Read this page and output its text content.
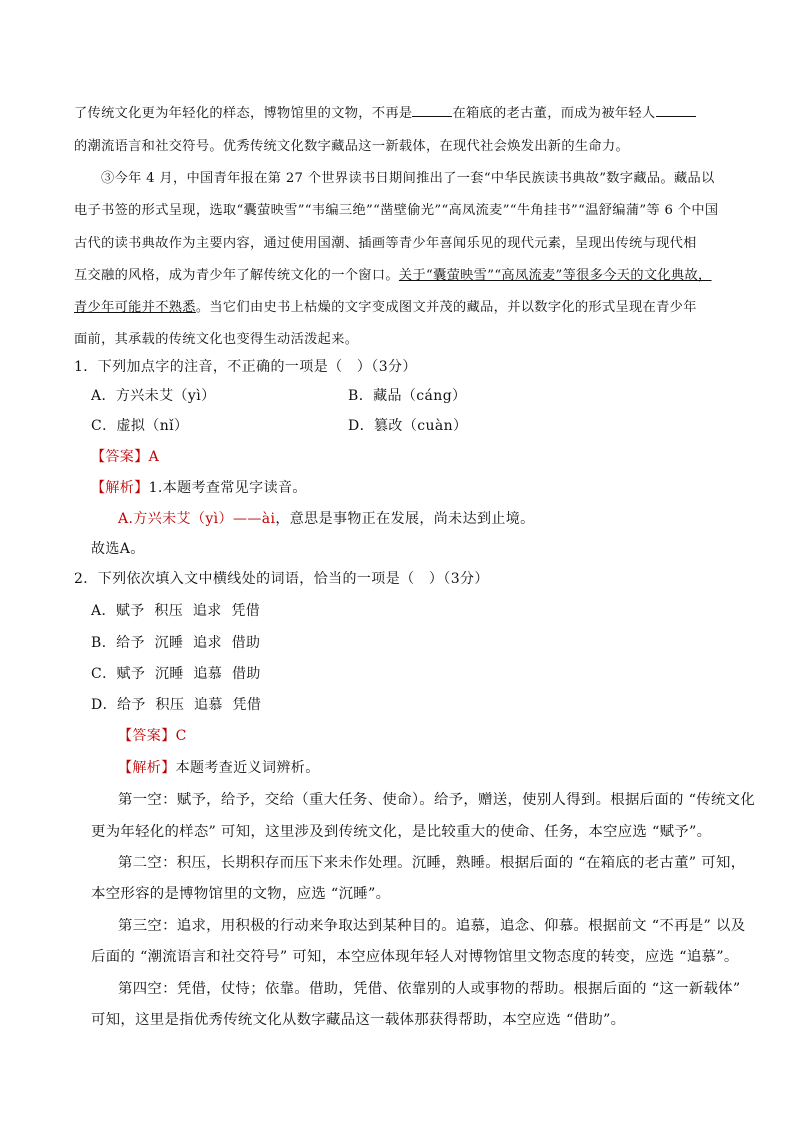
了传统文化更为年轻化的样态，博物馆里的文物，不再是	在箱底的老古董，而成为被年轻人
的潮流语言和社交符号。优秀传统文化数字藏品这一新载体，在现代社会焕发出新的生命力。
③今年 4 月，中国青年报在第 27 个世界读书日期间推出了一套“中华民族读书典故”数字藏品。藏品以
电子书签的形式呈现，选取“囊萤映雪”“韦编三绝”“凿壁偷光”“高凤流麦”“牛角挂书”“温舒编蒲”等 6 个中国
古代的读书典故作为主要内容，通过使用国潮、插画等青少年喜闻乐见的现代元素，呈现出传统与现代相
互交融的风格，成为青少年了解传统文化的一个窗口。关于“囊萤映雪”“高凤流麦”等很多今天的文化典故，
青少年可能并不熟悉。当它们由史书上枯燥的文字变成图文并茂的藏品，并以数字化的形式呈现在青少年
面前，其承载的传统文化也变得生动活泼起来。
1．下列加点字的注音，不正确的一项是（　）（3分）
A．方兴未艾（yì）	B．藏品（cáng）
C．虚拟（nǐ）	D．篡改（cuàn）
【答案】A
【解析】1.本题考查常见字读音。
A.方兴未艾（yì）——ài，意思是事物正在发展，尚未达到止境。
故选A。
2．下列依次填入文中横线处的词语，恰当的一项是（　）（3分）
A．赋予  积压  追求  凭借
B．给予  沉睡  追求  借助
C．赋予  沉睡  追慕  借助
D．给予  积压  追慕  凭借
【答案】C
【解析】本题考查近义词辨析。
第一空：赋予，给予，交给（重大任务、使命）。给予，赠送，使别人得到。根据后面的 “传统文化
更为年轻化的样态” 可知，这里涉及到传统文化，是比较重大的使命、任务，本空应选 “赋予”。
第二空：积压，长期积存而压下来未作处理。沉睡，熟睡。根据后面的 “在箱底的老古董” 可知，
本空形容的是博物馆里的文物，应选 “沉睡”。
第三空：追求，用积极的行动来争取达到某种目的。追慕，追念、仰慕。根据前文 “不再是” 以及
后面的 “潮流语言和社交符号” 可知，本空应体现年轻人对博物馆里文物态度的转变，应选 “追慕”。
第四空：凭借，仗恃；依靠。借助，凭借、依靠别的人或事物的帮助。根据后面的 “这一新载体”
可知，这里是指优秀传统文化从数字藏品这一载体那获得帮助，本空应选 “借助”。
